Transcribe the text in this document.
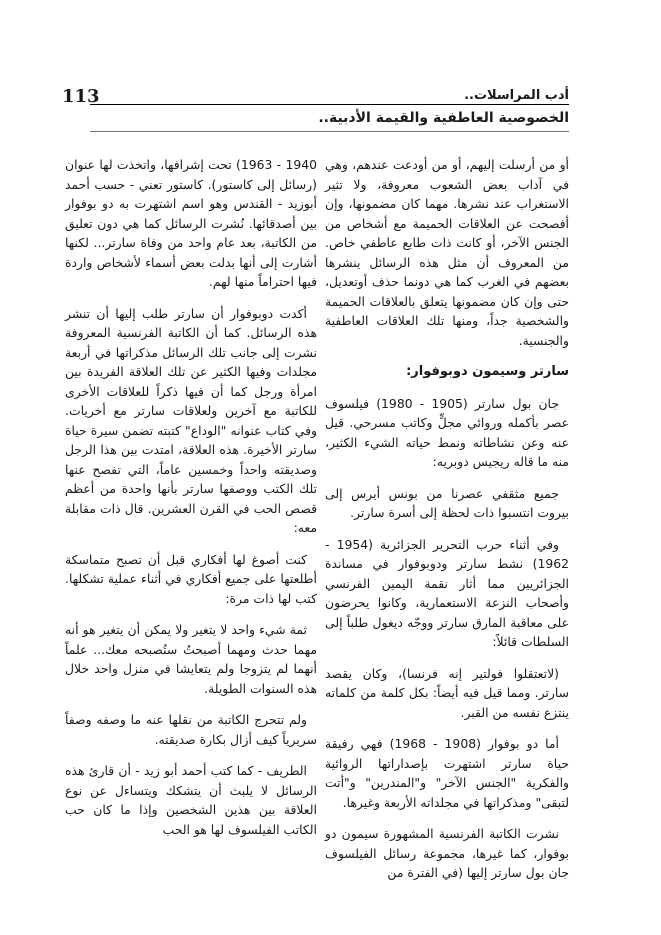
113	أدب المراسلات..
الخصوصية العاطفية والقيمة الأدبية..

أو من أرسلت إليهم، أو من أودعت عندهم، وهي في آداب بعض الشعوب معروفة، ولا تثير الاستغراب عند نشرها. مهما كان مضمونها، وإن أفصحت عن العلاقات الحميمة مع أشخاص من الجنس الآخر، أو كانت ذات طابع عاطفي خاص. من المعروف أن مثل هذه الرسائل ينشرها بعضهم في الغرب كما هي دونما حذف أوتعديل، حتى وإن كان مضمونها يتعلق بالعلاقات الحميمة والشخصية جداً، ومنها تلك العلاقات العاطفية والجنسية.

سارتر وسيمون دوبوفوار:

جان بول سارتر (1905 - 1980) فيلسوف عصر بأكمله وروائي مجلٍّ وكاتب مسرحي. قيل عنه وعن نشاطاته ونمط حياته الشيء الكثير، منه ما قاله ريجيس دوبريه:

جميع مثقفي عصرنا من بونس أيرس إلى بيروت انتسبوا ذات لحظة إلى أسرة سارتر.

وفي أثناء حرب التحرير الجزائرية (1954 - 1962) نشط سارتر ودوبوفوار في مساندة الجزائريين مما أثار نقمة اليمين الفرنسي وأصحاب النزعة الاستعمارية، وكانوا يحرضون على معاقبة المارق سارتر ووجّه ديغول طلباً إلى السلطات قائلاً:

(لاتعتقلوا فولتير إنه فرنسا)، وكان يقصد سارتر. ومما قيل فيه أيضاً: بكل كلمة من كلماته ينتزع نفسه من القبر.

أما دو بوفوار (1908 - 1968) فهي رفيقة حياة سارتر اشتهرت بإصداراتها الروائية والفكرية "الجنس الآخر" و"المندرين" و"أتت لتبقى" ومذكراتها في مجلداته الأربعة وغيرها.

نشرت الكاتبة الفرنسية المشهورة سيمون دو بوفوار، كما غيرها، مجموعة رسائل الفيلسوف جان بول سارتر إليها (في الفترة من

1940 - 1963) تحت إشرافها، واتخذت لها عنوان (رسائل إلى كاستور). كاستور تعني - حسب أحمد أبوزيد - القندس وهو اسم اشتهرت به دو بوفوار بين أصدقائها. نُشرت الرسائل كما هي دون تعليق من الكاتبة، بعد عام واحد من وفاة سارتر... لكنها أشارت إلى أنها بدلت بعض أسماء لأشخاص واردة فيها احتراماً منها لهم.

أكدت دوبوفوار أن سارتر طلب إليها أن تنشر هذه الرسائل. كما أن الكاتبة الفرنسية المعروفة نشرت إلى جانب تلك الرسائل مذكراتها في أربعة مجلدات وفيها الكثير عن تلك العلاقة الفريدة بين امرأة ورجل كما أن فيها ذكراً للعلاقات الأخرى للكاتبة مع آخرين ولعلاقات سارتر مع أخريات. وفي كتاب عنوانه "الوداع" كتبته تضمن سيرة حياة سارتر الأخيرة. هذه العلاقة، امتدت بين هذا الرجل وصديقته واحداً وخمسين عاماً، التي تفصح عنها تلك الكتب ووصفها سارتر بأنها واحدة من أعظم قصص الحب في القرن العشرين. قال ذات مقابلة معه:

كنت أصوغ لها أفكاري قبل أن تصبح متماسكة أطلعتها على جميع أفكاري في أثناء عملية تشكلها. كتب لها ذات مرة:

ثمة شيء واحد لا يتغير ولا يمكن أن يتغير هو أنه مهما حدث ومهما أصبحتُ ستُصبحه معك... علماً أنهما لم يتزوجا ولم يتعايشا في منزل واحد خلال هذه السنوات الطويلة.

ولم تتحرج الكاتبة من نقلها عنه ما وصفه وصفاً سريرياً كيف أزال بكارة صديقته.

الطريف - كما كتب أحمد أبو زيد - أن قارئ هذه الرسائل لا يلبث أن يتشكك ويتساءل عن نوع العلاقة بين هذين الشخصين وإذا ما كان حب الكاتب الفيلسوف لها هو الحب
